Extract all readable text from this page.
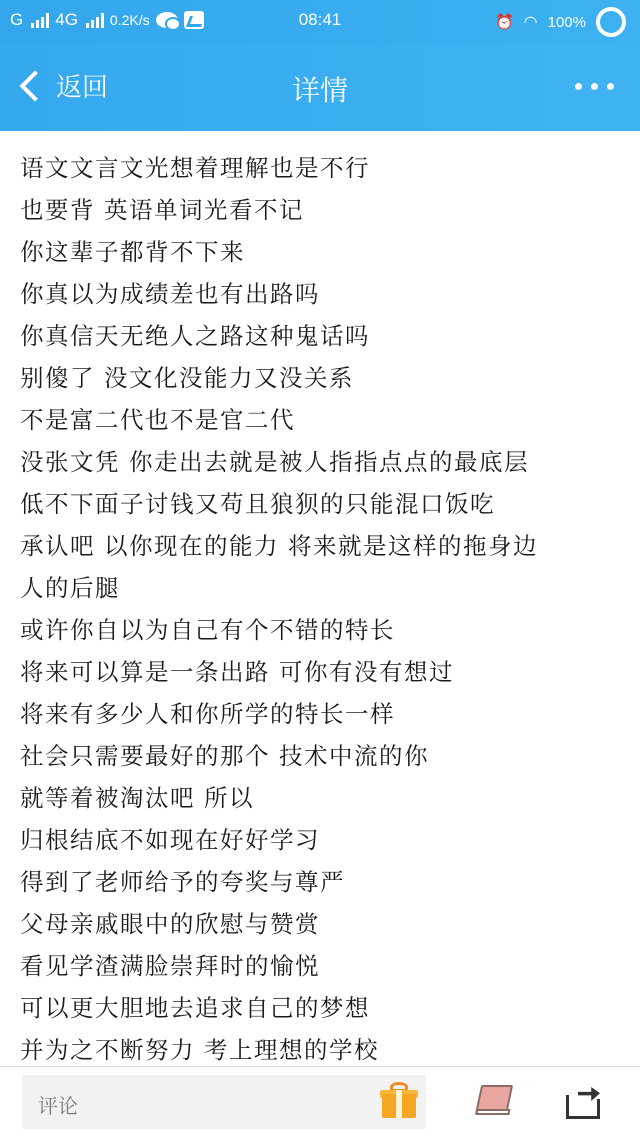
G 4G 0.2K/s	08:41	⏰ ◠ 100%
返回	详情
语文文言文光想着理解也是不行
也要背 英语单词光看不记
你这辈子都背不下来
你真以为成绩差也有出路吗
你真信天无绝人之路这种鬼话吗
别傻了 没文化没能力又没关系
不是富二代也不是官二代
没张文凭 你走出去就是被人指指点点的最底层
低不下面子讨钱又苟且狼狈的只能混口饭吃
承认吧 以你现在的能力 将来就是这样的拖身边
人的后腿
或许你自以为自己有个不错的特长
将来可以算是一条出路 可你有没有想过
将来有多少人和你所学的特长一样
社会只需要最好的那个 技术中流的你
就等着被淘汰吧 所以
归根结底不如现在好好学习
得到了老师给予的夸奖与尊严
父母亲戚眼中的欣慰与赞赏
看见学渣满脸崇拜时的愉悦
可以更大胆地去追求自己的梦想
并为之不断努力 考上理想的学校
评论
